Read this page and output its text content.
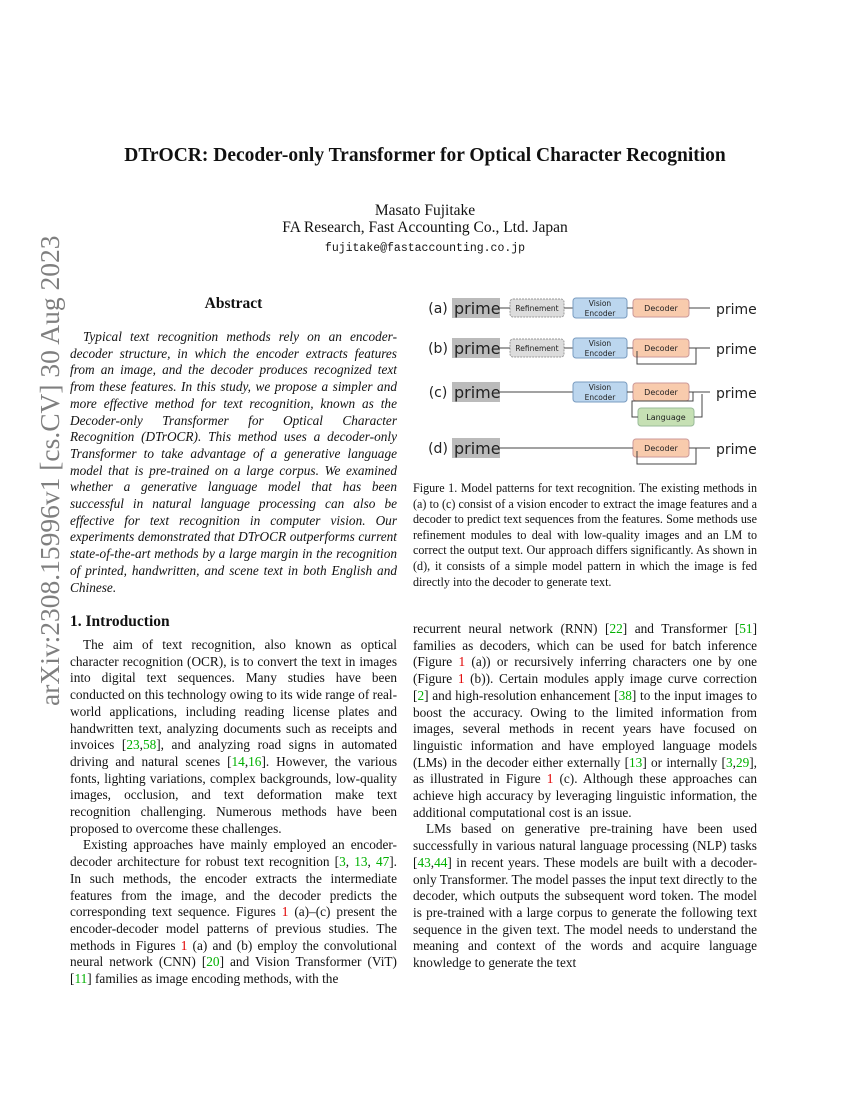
arXiv:2308.15996v1 [cs.CV] 30 Aug 2023
DTrOCR: Decoder-only Transformer for Optical Character Recognition
Masato Fujitake
FA Research, Fast Accounting Co., Ltd. Japan
fujitake@fastaccounting.co.jp
Abstract

Typical text recognition methods rely on an encoder-decoder structure, in which the encoder extracts features from an image, and the decoder produces recognized text from these features. In this study, we propose a simpler and more effective method for text recognition, known as the Decoder-only Transformer for Optical Character Recognition (DTrOCR). This method uses a decoder-only Transformer to take advantage of a generative language model that is pre-trained on a large corpus. We examined whether a generative language model that has been successful in natural language processing can also be effective for text recognition in computer vision. Our experiments demonstrated that DTrOCR outperforms current state-of-the-art methods by a large margin in the recognition of printed, handwritten, and scene text in both English and Chinese.

(a) prime	prime
Decoder
Refinement
Vision
Encoder
(b) prime	prime
Decoder
Refinement
Vision
Encoder
(c) prime	prime
Decoder
Vision
Encoder
Language
(d) prime	prime
Decoder
Figure 1. Model patterns for text recognition. The existing methods in (a) to (c) consist of a vision encoder to extract the image features and a decoder to predict text sequences from the features. Some methods use refinement modules to deal with low-quality images and an LM to correct the output text. Our approach differs significantly. As shown in (d), it consists of a simple model pattern in which the image is fed directly into the decoder to generate text.
1. Introduction

The aim of text recognition, also known as optical character recognition (OCR), is to convert the text in images into digital text sequences. Many studies have been conducted on this technology owing to its wide range of real-world applications, including reading license plates and handwritten text, analyzing documents such as receipts and invoices [23,58], and analyzing road signs in automated driving and natural scenes [14,16]. However, the various fonts, lighting variations, complex backgrounds, low-quality images, occlusion, and text deformation make text recognition challenging. Numerous methods have been proposed to overcome these challenges.

Existing approaches have mainly employed an encoder-decoder architecture for robust text recognition [3, 13, 47]. In such methods, the encoder extracts the intermediate features from the image, and the decoder predicts the corresponding text sequence. Figures 1 (a)–(c) present the encoder-decoder model patterns of previous studies. The methods in Figures 1 (a) and (b) employ the convolutional neural network (CNN) [20] and Vision Transformer (ViT) [11] families as image encoding methods, with the

recurrent neural network (RNN) [22] and Transformer [51] families as decoders, which can be used for batch inference (Figure 1 (a)) or recursively inferring characters one by one (Figure 1 (b)). Certain modules apply image curve correction [2] and high-resolution enhancement [38] to the input images to boost the accuracy. Owing to the limited information from images, several methods in recent years have focused on linguistic information and have employed language models (LMs) in the decoder either externally [13] or internally [3,29], as illustrated in Figure 1 (c). Although these approaches can achieve high accuracy by leveraging linguistic information, the additional computational cost is an issue.

LMs based on generative pre-training have been used successfully in various natural language processing (NLP) tasks [43,44] in recent years. These models are built with a decoder-only Transformer. The model passes the input text directly to the decoder, which outputs the subsequent word token. The model is pre-trained with a large corpus to generate the following text sequence in the given text. The model needs to understand the meaning and context of the words and acquire language knowledge to generate the text
